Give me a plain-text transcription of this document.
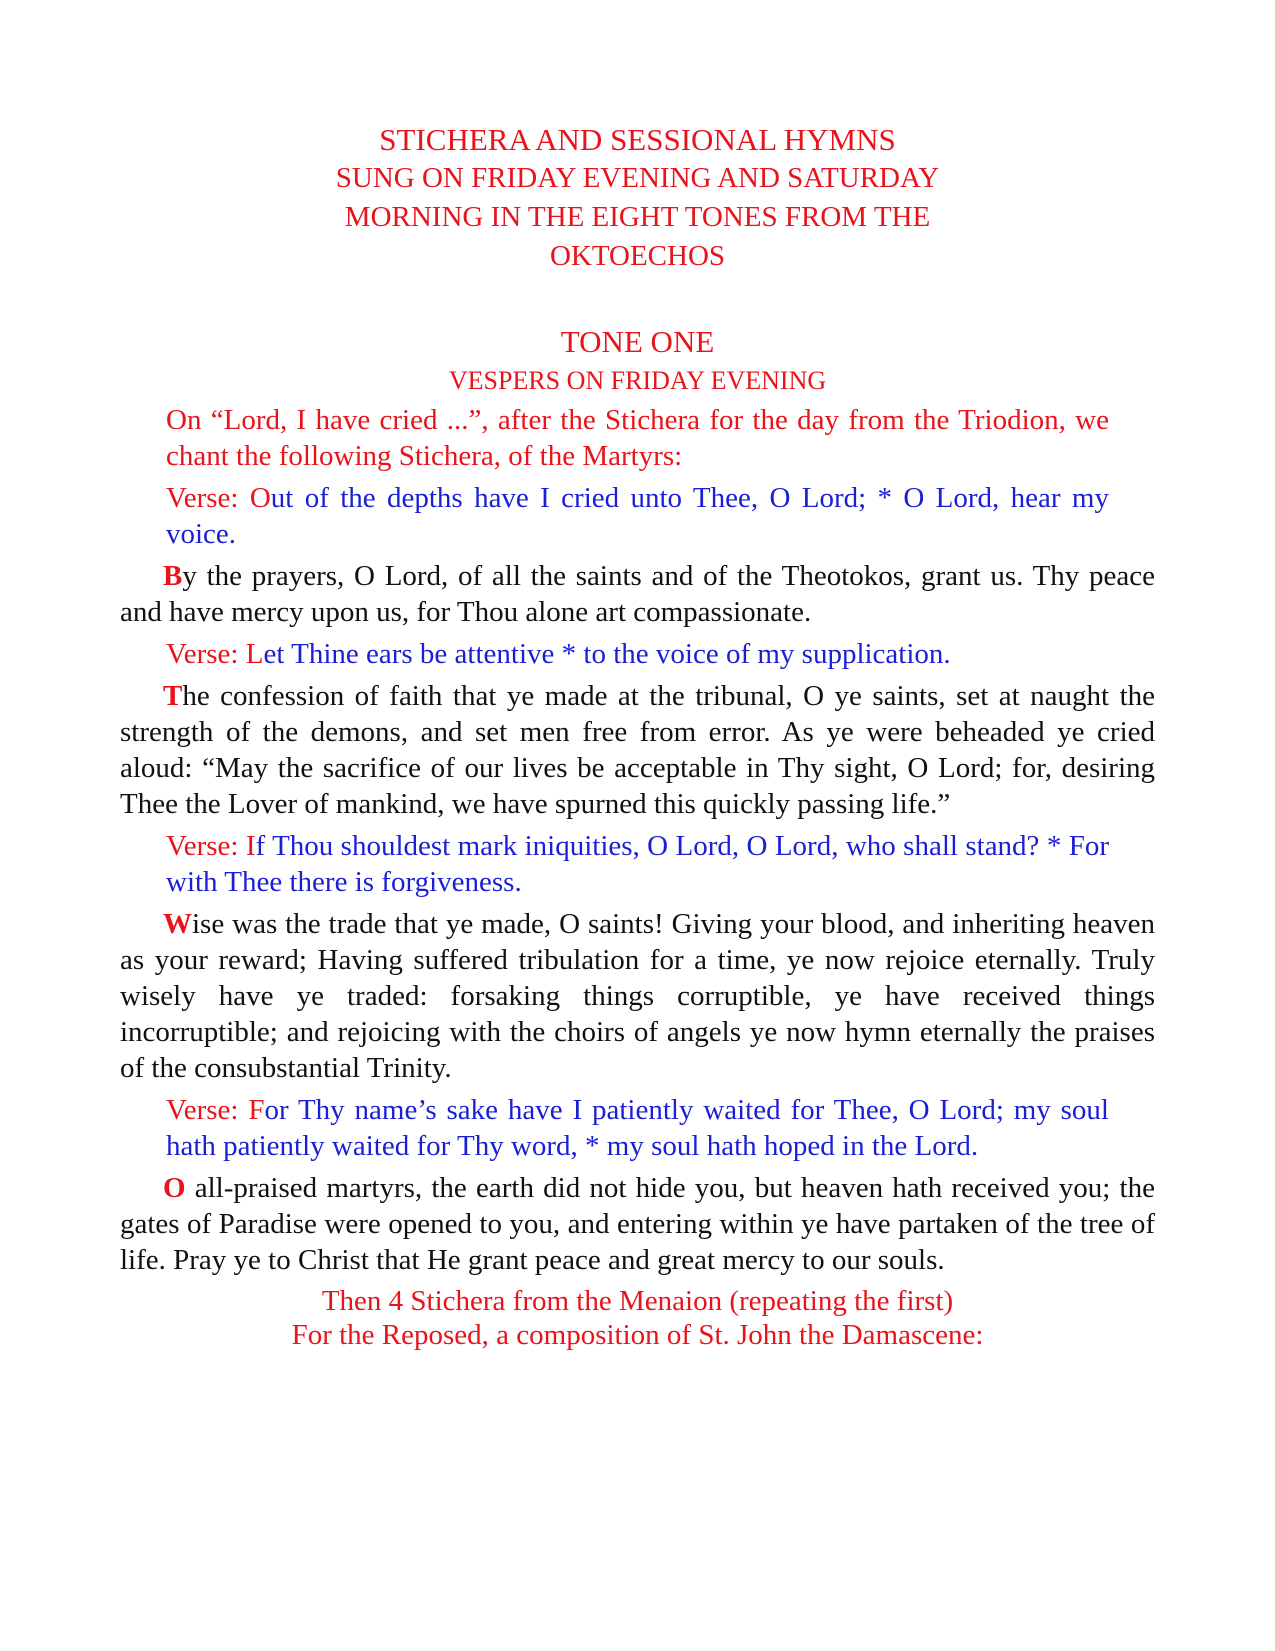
STICHERA AND SESSIONAL HYMNS
SUNG ON FRIDAY EVENING AND SATURDAY
MORNING IN THE EIGHT TONES FROM THE
OKTOECHOS
TONE ONE
VESPERS ON FRIDAY EVENING

On “Lord, I have cried ...”, after the Stichera for the day from the Triodion, we chant the following Stichera, of the Martyrs:

Verse: Out of the depths have I cried unto Thee, O Lord; * O Lord, hear my voice.

By the prayers, O Lord, of all the saints and of the Theotokos, grant us. Thy peace and have mercy upon us, for Thou alone art compassionate.

Verse: Let Thine ears be attentive * to the voice of my supplication.

The confession of faith that ye made at the tribunal, O ye saints, set at naught the strength of the demons, and set men free from error. As ye were beheaded ye cried aloud: “May the sacrifice of our lives be acceptable in Thy sight, O Lord; for, desiring Thee the Lover of mankind, we have spurned this quickly passing life.”

Verse: If Thou shouldest mark iniquities, O Lord, O Lord, who shall stand? * For with Thee there is forgiveness.

Wise was the trade that ye made, O saints! Giving your blood, and inheriting heaven as your reward; Having suffered tribulation for a time, ye now rejoice eternally. Truly wisely have ye traded: forsaking things corruptible, ye have received things incorruptible; and rejoicing with the choirs of angels ye now hymn eternally the praises of the consubstantial Trinity.

Verse: For Thy name’s sake have I patiently waited for Thee, O Lord; my soul hath patiently waited for Thy word, * my soul hath hoped in the Lord.

O all-praised martyrs, the earth did not hide you, but heaven hath received you; the gates of Paradise were opened to you, and entering within ye have partaken of the tree of life. Pray ye to Christ that He grant peace and great mercy to our souls.

Then 4 Stichera from the Menaion (repeating the first)

For the Reposed, a composition of St. John the Damascene:
